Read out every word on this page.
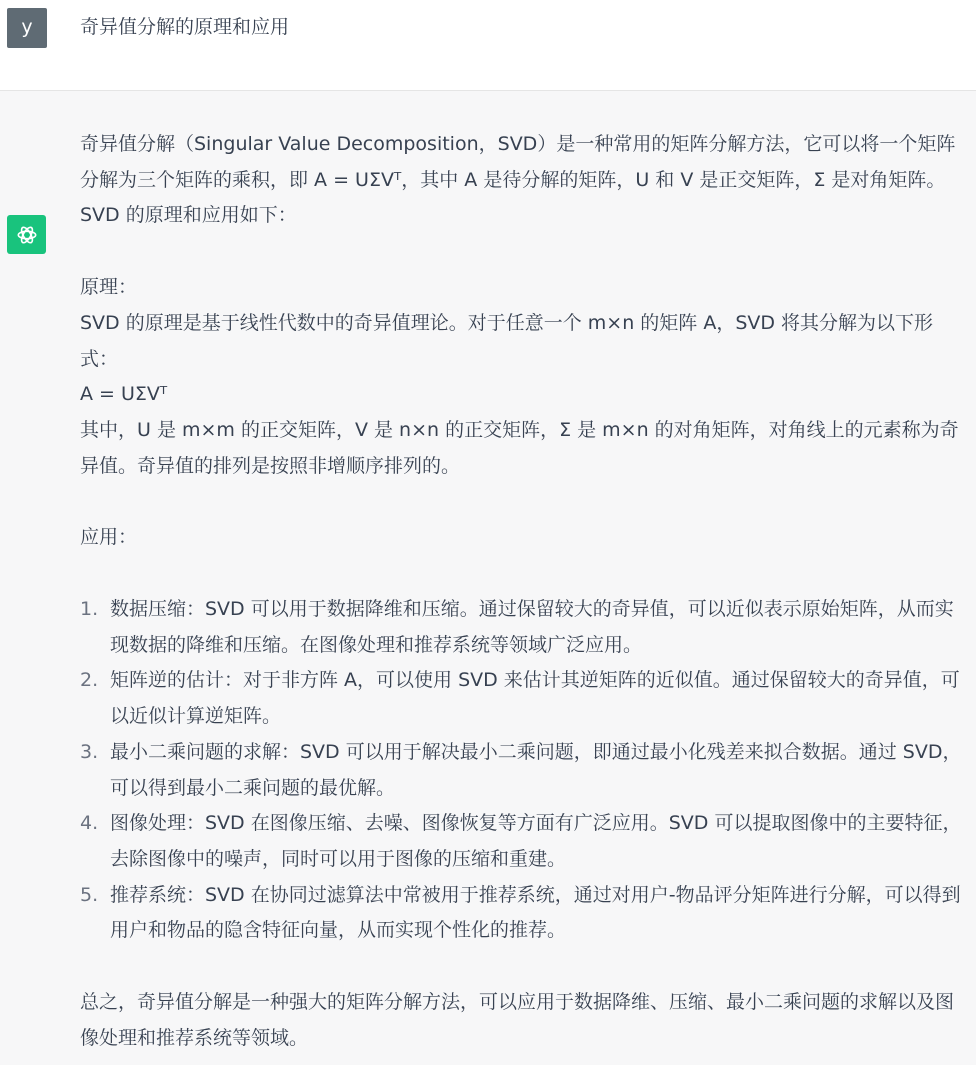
y	奇异值分解的原理和应用

奇异值分解（Singular Value Decomposition，SVD）是一种常用的矩阵分解方法，它可以将一个矩阵分解为三个矩阵的乘积，即 A = UΣVᵀ，其中 A 是待分解的矩阵，U 和 V 是正交矩阵，Σ 是对角矩阵。SVD 的原理和应用如下：

原理：

SVD 的原理是基于线性代数中的奇异值理论。对于任意一个 m×n 的矩阵 A，SVD 将其分解为以下形式：

A = UΣVᵀ

其中，U 是 m×m 的正交矩阵，V 是 n×n 的正交矩阵，Σ 是 m×n 的对角矩阵，对角线上的元素称为奇异值。奇异值的排列是按照非增顺序排列的。

应用：

1. 数据压缩：SVD 可以用于数据降维和压缩。通过保留较大的奇异值，可以近似表示原始矩阵，从而实现数据的降维和压缩。在图像处理和推荐系统等领域广泛应用。
2. 矩阵逆的估计：对于非方阵 A，可以使用 SVD 来估计其逆矩阵的近似值。通过保留较大的奇异值，可以近似计算逆矩阵。
3. 最小二乘问题的求解：SVD 可以用于解决最小二乘问题，即通过最小化残差来拟合数据。通过 SVD，可以得到最小二乘问题的最优解。
4. 图像处理：SVD 在图像压缩、去噪、图像恢复等方面有广泛应用。SVD 可以提取图像中的主要特征，去除图像中的噪声，同时可以用于图像的压缩和重建。
5. 推荐系统：SVD 在协同过滤算法中常被用于推荐系统，通过对用户-物品评分矩阵进行分解，可以得到用户和物品的隐含特征向量，从而实现个性化的推荐。

总之，奇异值分解是一种强大的矩阵分解方法，可以应用于数据降维、压缩、最小二乘问题的求解以及图像处理和推荐系统等领域。
